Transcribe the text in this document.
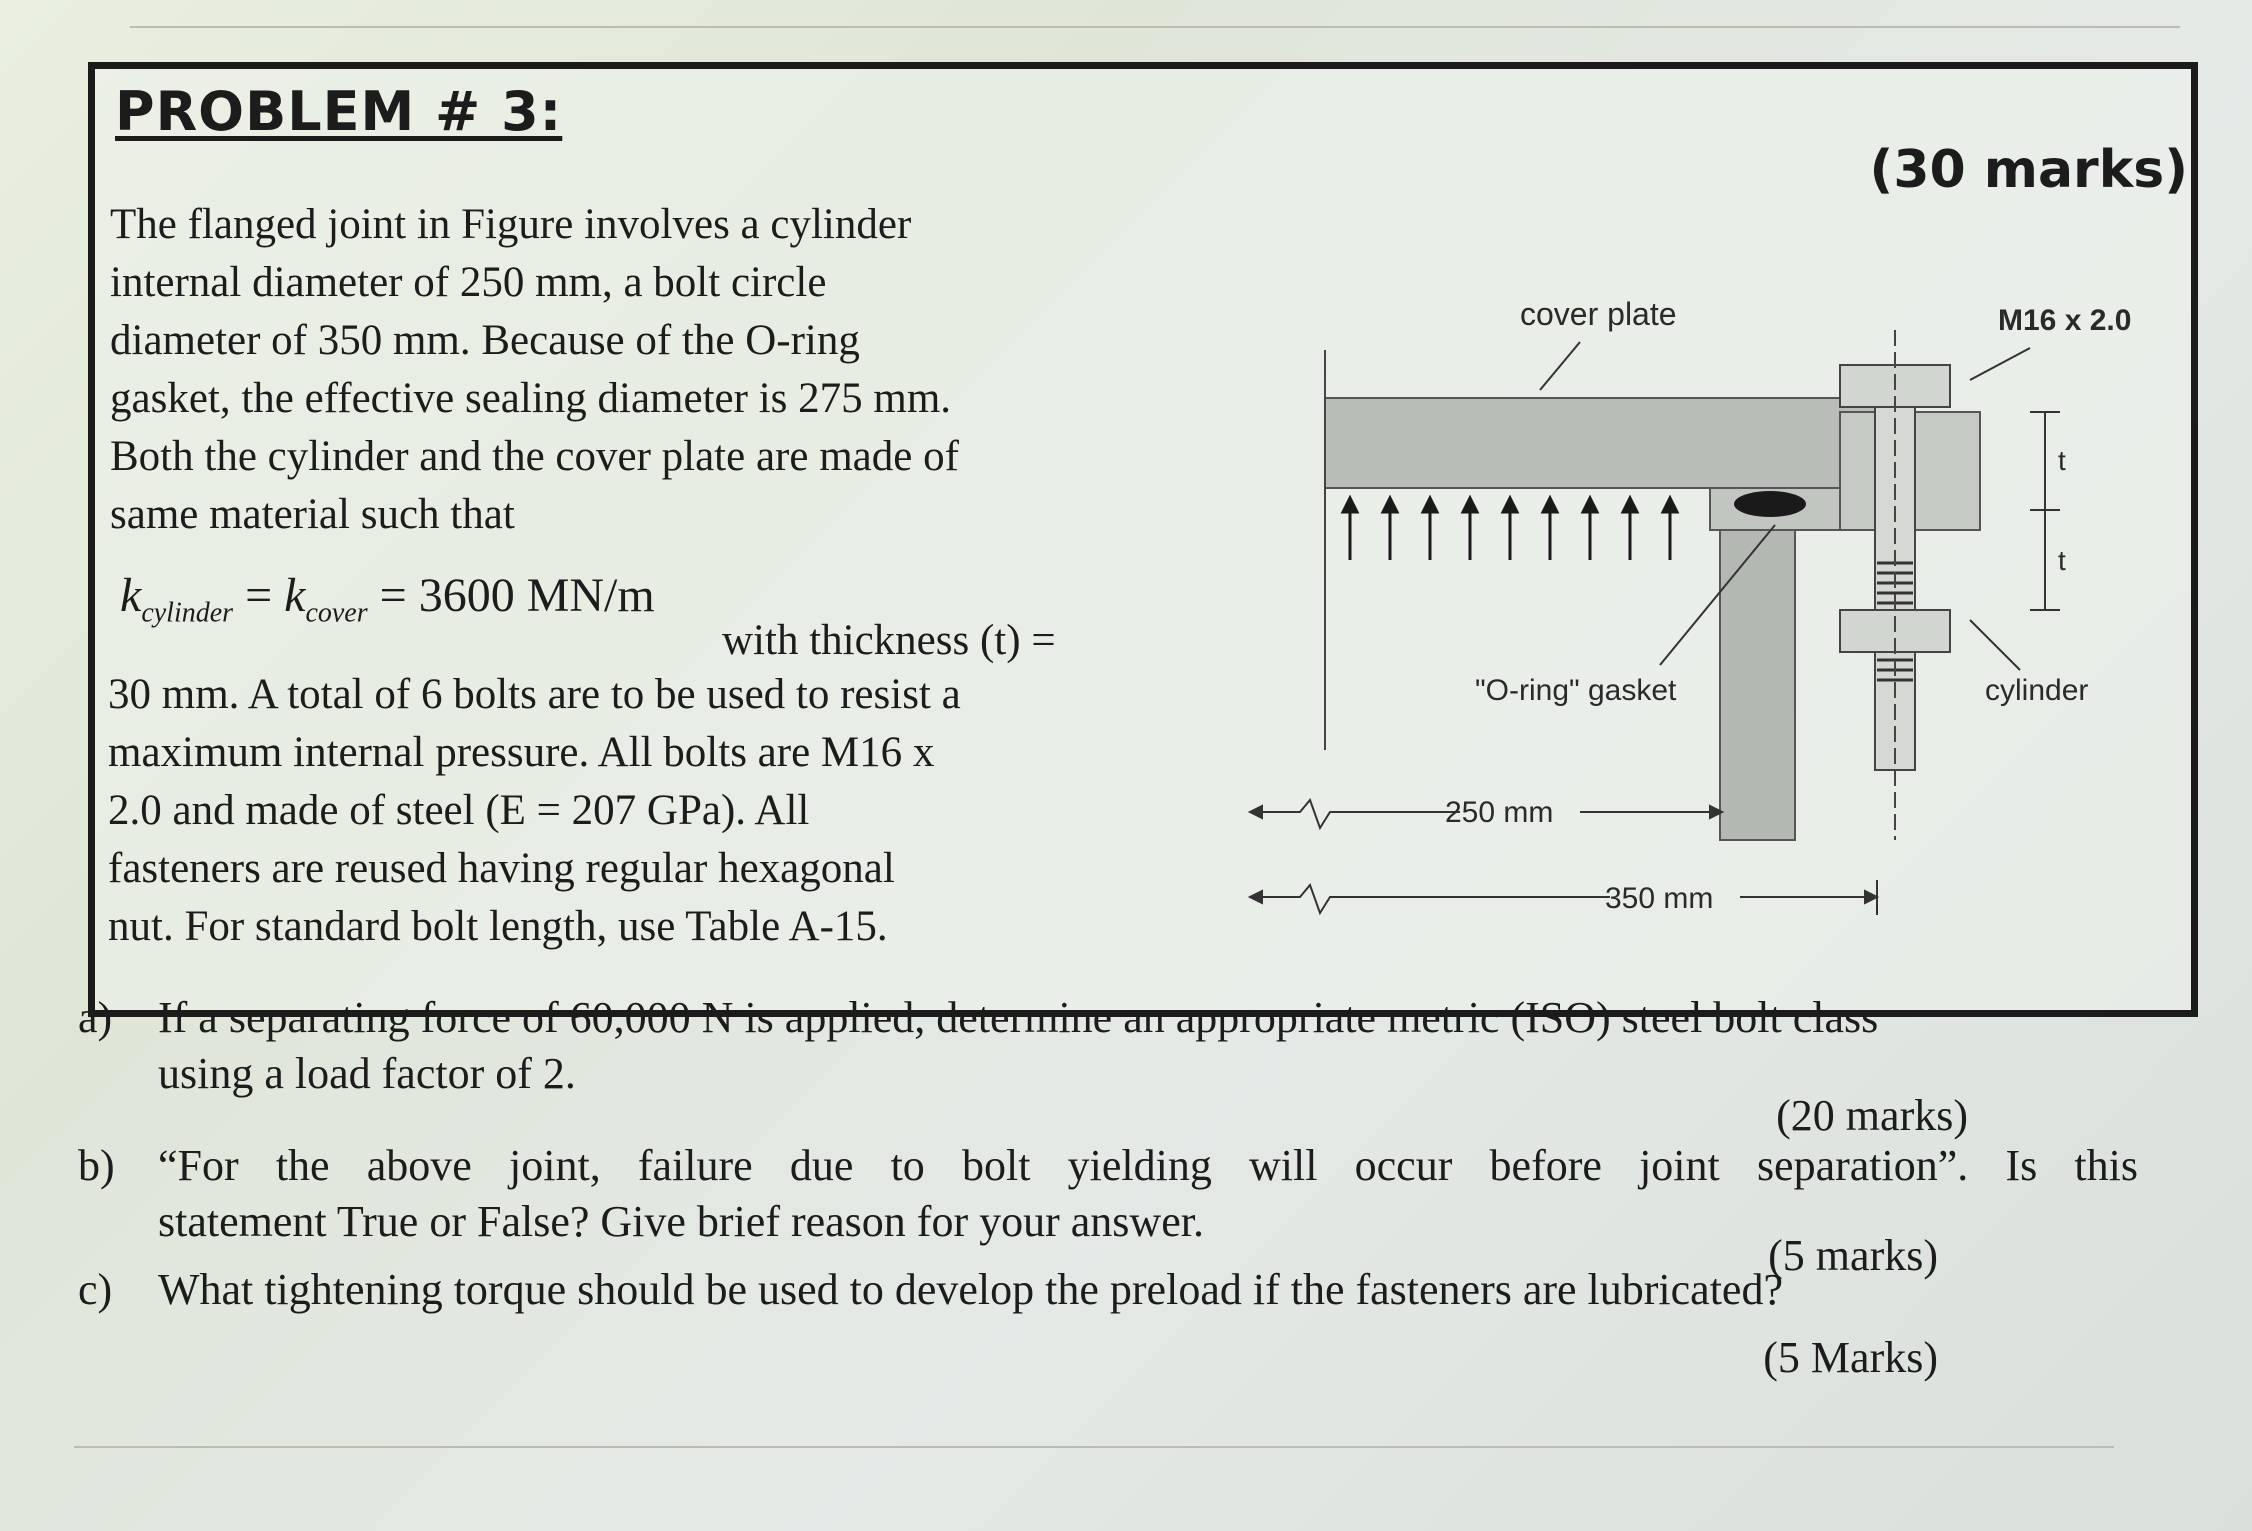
PROBLEM # 3:
(30 marks)
The flanged joint in Figure involves a cylinder
internal diameter of 250 mm, a bolt circle
diameter of 350 mm. Because of the O-ring
gasket, the effective sealing diameter is 275 mm.
Both the cylinder and the cover plate are made of
same material such that
$k_{cylinder} = k_{cover} = 3600$ MN/m
with thickness (t) =
30 mm. A total of 6 bolts are to be used to resist a
maximum internal pressure. All bolts are M16 x
2.0 and made of steel (E = 207 GPa). All
fasteners are reused having regular hexagonal
nut. For standard bolt length, use Table A-15.
t
t
cover plate	M16 x 2.0
"O-ring" gasket	cylinder
250 mm
350 mm
a) If a separating force of 60,000 N is applied, determine an appropriate metric (ISO) steel bolt class
using a load factor of 2.
(20 marks)
b) “For the above joint, failure due to bolt yielding will occur before joint separation”. Is this
statement True or False? Give brief reason for your answer.
(5 marks)
c) What tightening torque should be used to develop the preload if the fasteners are lubricated?
(5 Marks)
